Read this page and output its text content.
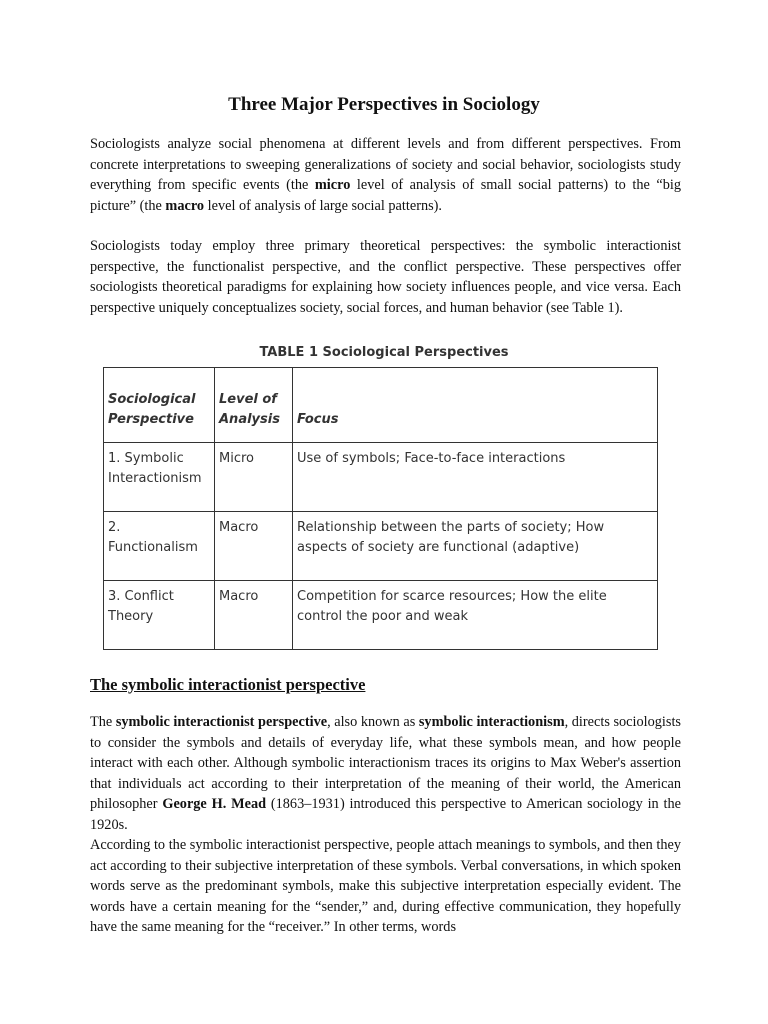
Three Major Perspectives in Sociology

Sociologists analyze social phenomena at different levels and from different perspectives. From concrete interpretations to sweeping generalizations of society and social behavior, sociologists study everything from specific events (the micro level of analysis of small social patterns) to the “big picture” (the macro level of analysis of large social patterns).

Sociologists today employ three primary theoretical perspectives: the symbolic interactionist perspective, the functionalist perspective, and the conflict perspective. These perspectives offer sociologists theoretical paradigms for explaining how society influences people, and vice versa. Each perspective uniquely conceptualizes society, social forces, and human behavior (see Table 1).

TABLE 1 Sociological Perspectives
Sociological Perspective	Level of Analysis	Focus
1. Symbolic Interactionism	Micro	Use of symbols; Face-to-face interactions
2. Functionalism	Macro	Relationship between the parts of society; How aspects of society are functional (adaptive)
3. Conflict Theory	Macro	Competition for scarce resources; How the elite control the poor and weak
The symbolic interactionist perspective

The symbolic interactionist perspective, also known as symbolic interactionism, directs sociologists to consider the symbols and details of everyday life, what these symbols mean, and how people interact with each other. Although symbolic interactionism traces its origins to Max Weber's assertion that individuals act according to their interpretation of the meaning of their world, the American philosopher George H. Mead (1863–1931) introduced this perspective to American sociology in the 1920s.

According to the symbolic interactionist perspective, people attach meanings to symbols, and then they act according to their subjective interpretation of these symbols. Verbal conversations, in which spoken words serve as the predominant symbols, make this subjective interpretation especially evident. The words have a certain meaning for the “sender,” and, during effective communication, they hopefully have the same meaning for the “receiver.” In other terms, words
